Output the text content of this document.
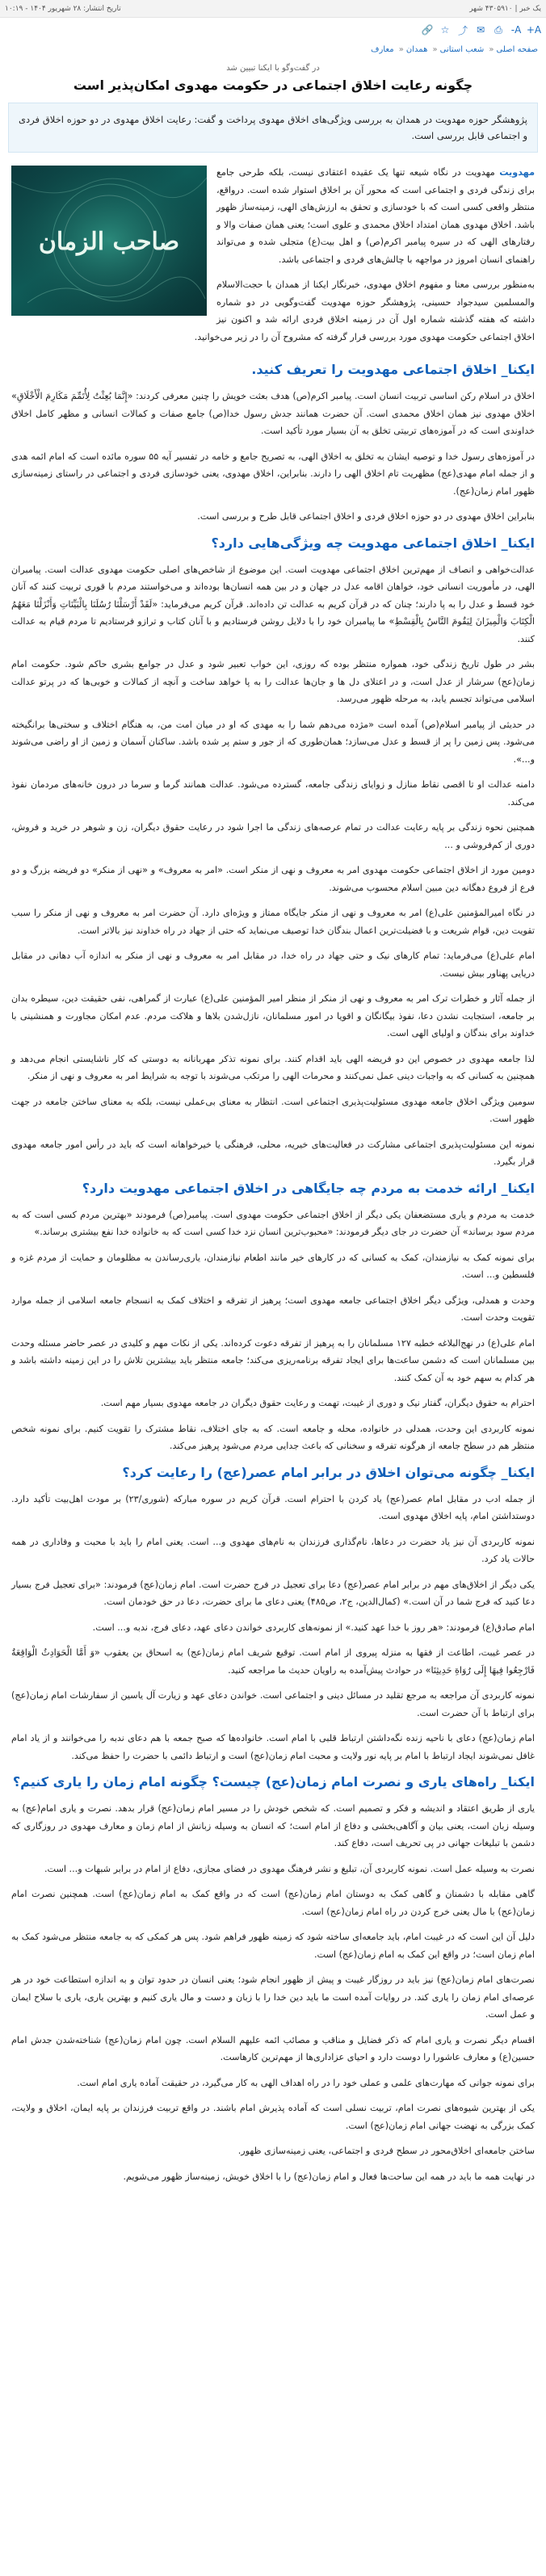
یک خبر | ۴۳۰۵۹۱۰ شهر
تاریخ انتشار: ۲۸ شهریور ۱۴۰۴ - ۱۰:۱۹
A+
A-
⎙
✉
⤴
☆
🔗
صفحه اصلی« شعب استانی« همدان« معارف
در گفت‌وگو با ایکنا تبیین شد
چگونه رعایت اخلاق اجتماعی در حکومت مهدوی امکان‌پذیر است
پژوهشگر حوزه مهدویت در همدان به بررسی ویژگی‌های اخلاق مهدوی پرداخت و گفت: رعایت اخلاق مهدوی در دو حوزه اخلاق فردی و اجتماعی قابل بررسی است.
صاحب الزمان

مهدویت مهدویت در نگاه شیعه تنها یک عقیده اعتقادی نیست، بلکه طرحی جامع برای زندگی فردی و اجتماعی است که محور آن بر اخلاق استوار شده است. درواقع، منتظر واقعی کسی است که با خودسازی و تحقق به ارزش‌های الهی، زمینه‌ساز ظهور باشد. اخلاق مهدوی همان امتداد اخلاق محمدی و علوی است؛ یعنی همان صفات والا و رفتارهای الهی که در سیره پیامبر اکرم(ص) و اهل بیت(ع) متجلی شده و می‌تواند راهنمای انسان امروز در مواجهه با چالش‌های فردی و اجتماعی باشد.

به‌منظور بررسی معنا و مفهوم اخلاق مهدوی، خبرنگار ایکنا از همدان با حجت‌الاسلام والمسلمین سیدجواد حسینی، پژوهشگر حوزه مهدویت گفت‌وگویی در دو شماره داشته که هفته گذشته شماره اول آن در زمینه اخلاق فردی ارائه شد و اکنون نیز اخلاق اجتماعی حکومت مهدوی مورد بررسی قرار گرفته که مشروح آن را در زیر می‌خوانید.

ایکنا_ اخلاق اجتماعی مهدویت را تعریف کنید.

اخلاق در اسلام رکن اساسی تربیت انسان است. پیامبر اکرم(ص) هدف بعثت خویش را چنین معرفی کردند: «إِنَّمَا بُعِثْتُ لِأُتَمِّمَ مَکَارِمَ الْأَخْلَاقِ» اخلاق مهدوی نیز همان اخلاق محمدی است. آن حضرت همانند جدش رسول خدا(ص) جامع صفات و کمالات انسانی و مظهر کامل اخلاق خداوندی است که در آموزه‌های تربیتی تخلق به آن بسیار مورد تأکید است.

در آموزه‌های رسول خدا و توصیه ایشان به تخلق به اخلاق الهی، به تصریح جامع و خامه در تفسیر آیه ۵۵ سوره مائده است که امام ائمه هدی و از جمله امام مهدی(عج) مظهریت تام اخلاق الهی را دارند. بنابراین، اخلاق مهدوی، یعنی خودسازی فردی و اجتماعی در راستای زمینه‌سازی ظهور امام زمان(عج).

بنابراین اخلاق مهدوی در دو حوزه اخلاق فردی و اخلاق اجتماعی قابل طرح و بررسی است.

ایکنا_ اخلاق اجتماعی مهدویت چه ویژگی‌هایی دارد؟

عدالت‌خواهی و انصاف از مهم‌ترین اخلاق اجتماعی مهدویت است. این موضوع از شاخص‌های اصلی حکومت مهدوی عدالت است. پیامبران الهی، در مأموریت انسانی خود، خواهان اقامه عدل در جهان و در بین همه انسان‌ها بوده‌اند و می‌خواستند مردم با قوری تربیت کنند که آنان خود قسط و عدل را به پا دارند؛ چنان که در قرآن کریم به عدالت تن داده‌اند. قرآن کریم می‌فرماید: «لَقَدْ أَرْسَلْنَا رُسُلَنَا بِالْبَیِّنَاتِ وَأَنْزَلْنَا مَعَهُمُ الْکِتَابَ وَالْمِیزَانَ لِیَقُومَ النَّاسُ بِالْقِسْطِ» ما پیامبران خود را با دلایل روشن فرستادیم و با آنان کتاب و ترازو فرستادیم تا مردم قیام به عدالت کنند.

بشر در طول تاریخ زندگی خود، همواره منتظر بوده که روزی، این خواب تعبیر شود و عدل در جوامع بشری حاکم شود. حکومت امام زمان(عج) سرشار از عدل است، و در اعتلای دل ها و جان‌ها عدالت را به پا خواهد ساخت و آنچه از کمالات و خوبی‌ها که در پرتو عدالت اسلامی می‌تواند تجسم یابد، به مرحله ظهور می‌رسد.

در حدیثی از پیامبر اسلام(ص) آمده است «مژده می‌دهم شما را به مهدی که او در میان امت من، به هنگام اختلاف و سختی‌ها برانگیخته می‌شود. پس زمین را پر از قسط و عدل می‌سازد؛ همان‌طوری که از جور و ستم پر شده باشد. ساکنان آسمان و زمین از او راضی می‌شوند و...».

دامنه عدالت او تا اقصی نقاط منازل و زوایای زندگی جامعه، گسترده می‌شود. عدالت همانند گرما و سرما در درون خانه‌های مردمان نفوذ می‌کند.

همچنین نحوه زندگی بر پایه رعایت عدالت در تمام عرصه‌های زندگی ما اجرا شود در رعایت حقوق دیگران، زن و شوهر در خرید و فروش، دوری از کم‌فروشی و ...

دومین مورد از اخلاق اجتماعی حکومت مهدوی امر به معروف و نهی از منکر است. «امر به معروف» و «نهی از منکر» دو فریضه بزرگ و دو فرع از فروع دهگانه دین مبین اسلام محسوب می‌شوند.

در نگاه امیرالمؤمنین علی(ع) امر به معروف و نهی از منکر جایگاه ممتاز و ویژه‌ای دارد. آن حضرت امر به معروف و نهی از منکر را سبب تقویت دین، قوام شریعت و با فضیلت‌ترین اعمال بندگان خدا توصیف می‌نماید که حتی از جهاد در راه خداوند نیز بالاتر است.

امام علی(ع) می‌فرماید: تمام کارهای نیک و حتی جهاد در راه خدا، در مقابل امر به معروف و نهی از منکر به اندازه آب دهانی در مقابل دریایی پهناور بیش نیست.

از جمله آثار و خطرات ترک امر به معروف و نهی از منکر از منظر امیر المؤمنین علی(ع) عبارت از گمراهی، نفی حقیقت دین، سیطره بدان بر جامعه، استجابت نشدن دعا، نفوذ بیگانگان و اقویا در امور مسلمانان، نازل‌شدن بلاها و هلاکت مردم. عدم امکان مجاورت و همنشینی با خداوند برای بندگان و اولیای الهی است.

لذا جامعه مهدوی در خصوص این دو فریضه الهی باید اقدام کنند. برای نمونه تذکر مهربانانه به دوستی که کار ناشایستی انجام می‌دهد و همچنین به کسانی که به واجبات دینی عمل نمی‌کنند و محرمات الهی را مرتکب می‌شوند با توجه به شرایط امر به معروف و نهی از منکر.

سومین ویژگی اخلاق جامعه مهدوی مسئولیت‌پذیری اجتماعی است. انتظار به معنای بی‌عملی نیست، بلکه به معنای ساختن جامعه در جهت ظهور است.

نمونه این مسئولیت‌پذیری اجتماعی مشارکت در فعالیت‌های خیریه، محلی، فرهنگی یا خیرخواهانه است که باید در رأس امور جامعه مهدوی قرار بگیرد.

ایکنا_ ارائه خدمت به مردم چه جایگاهی در اخلاق اجتماعی مهدویت دارد؟

خدمت به مردم و یاری مستضعفان یکی دیگر از اخلاق اجتماعی حکومت مهدوی است. پیامبر(ص) فرمودند «بهترین مردم کسی است که به مردم سود برساند» آن حضرت در جای دیگر فرمودند: «محبوب‌ترین انسان نزد خدا کسی است که به خانواده خدا نفع بیشتری برساند.»

برای نمونه کمک به نیازمندان، کمک به کسانی که در کارهای خیر مانند اطعام نیازمندان، یاری‌رساندن به مظلومان و حمایت از مردم غزه و فلسطین و... است.

وحدت و همدلی، ویژگی دیگر اخلاق اجتماعی جامعه مهدوی است؛ پرهیز از تفرقه و اختلاف کمک به انسجام جامعه اسلامی از جمله موارد تقویت وحدت است.

امام علی(ع) در نهج‌البلاغه خطبه ۱۲۷ مسلمانان را به پرهیز از تفرقه دعوت کرده‌اند. یکی از نکات مهم و کلیدی در عصر حاضر مسئله وحدت بین مسلمانان است که دشمن ساعت‌ها برای ایجاد تفرقه برنامه‌ریزی می‌کند؛ جامعه منتظر باید بیشترین تلاش را در این زمینه داشته باشد و هر کدام به سهم خود به آن کمک کنند.

احترام به حقوق دیگران، گفتار نیک و دوری از غیبت، تهمت و رعایت حقوق دیگران در جامعه مهدوی بسیار مهم است.

نمونه کاربردی این وحدت، همدلی در خانواده، محله و جامعه است. که به جای اختلاف، نقاط مشترک را تقویت کنیم. برای نمونه شخص منتظر هم در سطح جامعه از هرگونه تفرقه و سخنانی که باعث جدایی مردم می‌شود پرهیز می‌کند.

ایکنا_ چگونه می‌توان اخلاق در برابر امام عصر(عج) را رعایت کرد؟

از جمله ادب در مقابل امام عصر(عج) یاد کردن با احترام است. قرآن کریم در سوره مبارکه (شوری/۲۳) بر مودت اهل‌بیت تأکید دارد. دوستداشتن امام، پایه اخلاق مهدوی است.

نمونه کاربردی آن نیز یاد حضرت در دعاها، نام‌گذاری فرزندان به نام‌های مهدوی و... است. یعنی امام را باید با محبت و وفاداری در همه حالات یاد کرد.

یکی دیگر از اخلاق‌های مهم در برابر امام عصر(عج) دعا برای تعجیل در فرج حضرت است. امام زمان(عج) فرمودند: «برای تعجیل فرج بسیار دعا کنید که فرج شما در آن است.» (کمال‌الدین، ج۲، ص۴۸۵) یعنی دعای ما برای حضرت، دعا در حق خودمان است.

امام صادق(ع) فرمودند: «هر روز با خدا عهد کنید.» از نمونه‌های کاربردی خواندن دعای عهد، دعای فرج، ندبه و... است.

در عصر غیبت، اطاعت از فقها به منزله پیروی از امام است. توقیع شریف امام زمان(عج) به اسحاق بن یعقوب «وَ أَمَّا الْحَوَادِثُ الْوَاقِعَةُ فَارْجِعُوا فِیهَا إِلَی رُوَاةِ حَدِیثِنَا» در حوادث پیش‌آمده به راویان حدیث ما مراجعه کنید.

نمونه کاربردی آن مراجعه به مرجع تقلید در مسائل دینی و اجتماعی است. خواندن دعای عهد و زیارت آل یاسین از سفارشات امام زمان(عج) برای ارتباط با آن حضرت است.

امام زمان(عج) دعای با ناحیه زنده نگه‌داشتن ارتباط قلبی با امام است. خانواده‌ها که صبح جمعه با هم دعای ندبه را می‌خوانند و از یاد امام غافل نمی‌شوند ایجاد ارتباط با امام بر پایه نور ولایت و محبت امام زمان(عج) است و ارتباط دائمی با حضرت را حفظ می‌کند.

ایکنا_ راه‌های یاری و نصرت امام زمان(عج) چیست؟ چگونه امام زمان را یاری کنیم؟

یاری از طریق اعتقاد و اندیشه و فکر و تصمیم است. که شخص خودش را در مسیر امام زمان(عج) قرار بدهد. نصرت و یاری امام(عج) به وسیله زبان است، یعنی بیان و آگاهی‌بخشی و دفاع از امام است؛ که انسان به وسیله زبانش از امام زمان و معارف مهدوی در روزگاری که دشمن با تبلیغات جهانی در پی تحریف است، دفاع کند.

نصرت به وسیله عمل است. نمونه کاربردی آن، تبلیغ و نشر فرهنگ مهدوی در فضای مجازی، دفاع از امام در برابر شبهات و... است.

گاهی مقابله با دشمنان و گاهی کمک به دوستان امام زمان(عج) است که در واقع کمک به امام زمان(عج) است. همچنین نصرت امام زمان(عج) با مال یعنی خرج کردن در راه امام زمان(عج) است.

دلیل آن این است که در غیبت امام، باید جامعه‌ای ساخته شود که زمینه ظهور فراهم شود. پس هر کمکی که به جامعه منتظر می‌شود کمک به امام زمان است؛ در واقع این کمک به امام زمان(عج) است.

نصرت‌های امام زمان(عج) نیز باید در روزگار غیبت و پیش از ظهور انجام شود؛ یعنی انسان در حدود توان و به اندازه استطاعت خود در هر عرصه‌ای امام زمان را یاری کند. در روایات آمده است ما باید دین خدا را با زبان و دست و مال یاری کنیم و بهترین یاری، یاری با سلاح ایمان و عمل است.

اقسام دیگر نصرت و یاری امام که ذکر فضایل و مناقب و مصائب ائمه علیهم السلام است. چون امام زمان(عج) شناخته‌شدن جدش امام حسین(ع) و معارف عاشورا را دوست دارد و احیای عزاداری‌ها از مهم‌ترین کارهاست.

برای نمونه جوانی که مهارت‌های علمی و عملی خود را در راه اهداف الهی به کار می‌گیرد، در حقیقت آماده یاری امام است.

یکی از بهترین شیوه‌های نصرت امام، تربیت نسلی است که آماده پذیرش امام باشند. در واقع تربیت فرزندان بر پایه ایمان، اخلاق و ولایت، کمک بزرگی به نهضت جهانی امام زمان(عج) است.

ساختن جامعه‌ای اخلاق‌محور در سطح فردی و اجتماعی، یعنی زمینه‌سازی ظهور.

در نهایت همه ما باید در همه این ساحت‌ها فعال و امام زمان(عج) را با اخلاق خویش، زمینه‌ساز ظهور می‌شویم.
